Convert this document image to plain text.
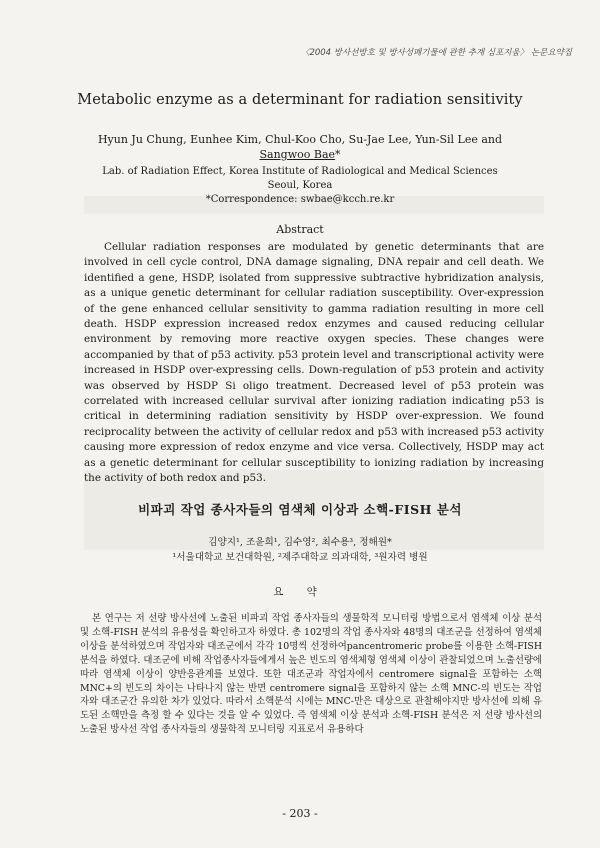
〈2004 방사선방호 및 방사성폐기물에 관한 추계 심포지움〉 논문요약집
Metabolic enzyme as a determinant for radiation sensitivity
Hyun Ju Chung, Eunhee Kim, Chul-Koo Cho, Su-Jae Lee, Yun-Sil Lee and
Sangwoo Bae*
Lab. of Radiation Effect, Korea Institute of Radiological and Medical Sciences
Seoul, Korea
*Correspondence: swbae@kcch.re.kr
Abstract

Cellular radiation responses are modulated by genetic determinants that are involved in cell cycle control, DNA damage signaling, DNA repair and cell death. We identified a gene, HSDP, isolated from suppressive subtractive hybridization analysis, as a unique genetic determinant for cellular radiation susceptibility. Over-expression of the gene enhanced cellular sensitivity to gamma radiation resulting in more cell death. HSDP expression increased redox enzymes and caused reducing cellular environment by removing more reactive oxygen species. These changes were accompanied by that of p53 activity. p53 protein level and transcriptional activity were increased in HSDP over-expressing cells. Down-regulation of p53 protein and activity was observed by HSDP Si oligo treatment. Decreased level of p53 protein was correlated with increased cellular survival after ionizing radiation indicating p53 is critical in determining radiation sensitivity by HSDP over-expression. We found reciprocality between the activity of cellular redox and p53 with increased p53 activity causing more expression of redox enzyme and vice versa. Collectively, HSDP may act as a genetic determinant for cellular susceptibility to ionizing radiation by increasing the activity of both redox and p53.

비파괴 작업 종사자들의 염색체 이상과 소핵-FISH 분석
김양지¹, 조윤희¹, 김수영², 최수용³, 정해원*
¹서울대학교 보건대학원, ²제주대학교 의과대학, ³원자력 병원
요 약

본 연구는 저 선량 방사선에 노출된 비파괴 작업 종사자들의 생물학적 모니터링 방법으로서 염색체 이상 분석 및 소핵-FISH 분석의 유용성을 확인하고자 하였다. 총 102명의 작업 종사자와 48명의 대조군을 선정하여 염색체 이상을 분석하였으며 작업자와 대조군에서 각각 10명씩 선정하여pancentromeric probe를 이용한 소핵-FISH 분석을 하였다. 대조군에 비해 작업종사자들에게서 높은 빈도의 염색체형 염색체 이상이 관찰되었으며 노출선량에 따라 염색체 이상이 양반응관계를 보였다. 또한 대조군과 작업자에서 centromere signal을 포함하는 소핵 MNC+의 빈도의 차이는 나타나지 않는 반면 centromere signal을 포함하지 않는 소핵 MNC-의 빈도는 작업자와 대조군간 유의한 차가 있었다. 따라서 소핵분석 시에는 MNC-만은 대상으로 관찰해야지만 방사선에 의해 유도된 소핵만을 측정 할 수 있다는 것을 알 수 있었다. 즉 염색체 이상 분석과 소핵-FISH 분석은 저 선량 방사선의 노출된 방사선 작업 종사자들의 생물학적 모니터링 지표로서 유용하다

- 203 -
